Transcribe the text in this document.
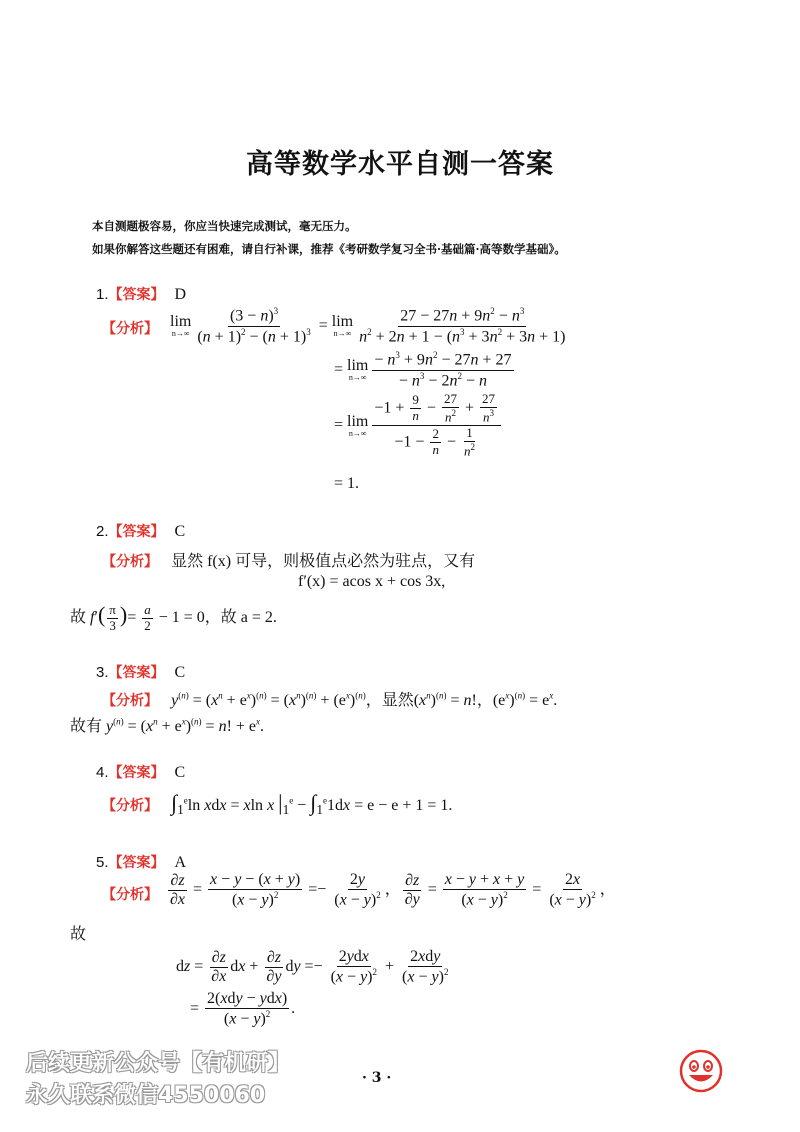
高等数学水平自测一答案
本自测题极容易，你应当快速完成测试，毫无压力。
如果你解答这些题还有困难，请自行补课，推荐《考研数学复习全书·基础篇·高等数学基础》。
1.【答案】 D
【分析】 lim
$n\to\infty \frac{(3 - n)^3}{(n + 1)^2 - (n + 1)^3} = \lim$
$n\to\infty \frac{27 - 27n + 9n^2 - n^3}{n^2 + 2n + 1 - (n^3 + 3n^2 + 3n + 1)}$
= lim
$n\to\infty \frac{- n^3 + 9n^2 - 27n + 27}{- n^3 - 2n^2 - n}$
= lim
$n\to\infty \frac{-1 + \frac{9}{n} - \frac{27}{n^2} + \frac{27}{n^3}}{-1 - \frac{2}{n} - \frac{1}{n^2}}$
= 1.
2.【答案】 C
【分析】 显然 f(x) 可导，则极值点必然为驻点，又有
f′(x) = acos x + cos 3x,
故 $f'( \frac{\pi}{3}$ )= $\frac{a}{2} - 1 = 0$，故 a = 2.
3.【答案】 C
【分析】 $y^{(n)} = (x^n + e^x)^{(n)} = (x^n)^{(n)} + (e^x)^{(n)}$，显然$(x^n)^{(n)} = n$!，$(e^x)^{(n)} = e^x$.
故有 $y^{(n)} = (x^n + e^x)^{(n)} = n$! + $e^x$.
4.【答案】 C
【分析】 $\int_1^e\ln$ xdx = xln x $|_1^e - \int_1^e1dx = e - e + 1 = 1$.
5.【答案】 A
【分析】 $\frac{\partial z}{\partial x} = \frac{x - y - (x + y)}{(x - y)^2} =- \frac{2y}{(x - y)^2}$ ， $\frac{\partial z}{\partial y} = \frac{x - y + x + y}{(x - y)^2} = \frac{2x}{(x - y)^2}$ ，
故
dz = $\frac{\partial z}{\partial x}$ dx + $\frac{\partial z}{\partial y}$ dy =− $\frac{\text{2ydx}}{(x - y)^2} + \frac{\text{2xdy}}{(x - y)^2}$
= $\frac{\text{2(xdy − ydx)}}{(x - y)^2}$ .
· 3 ·
后续更新公众号【有机研】
永久联系微信4550060
